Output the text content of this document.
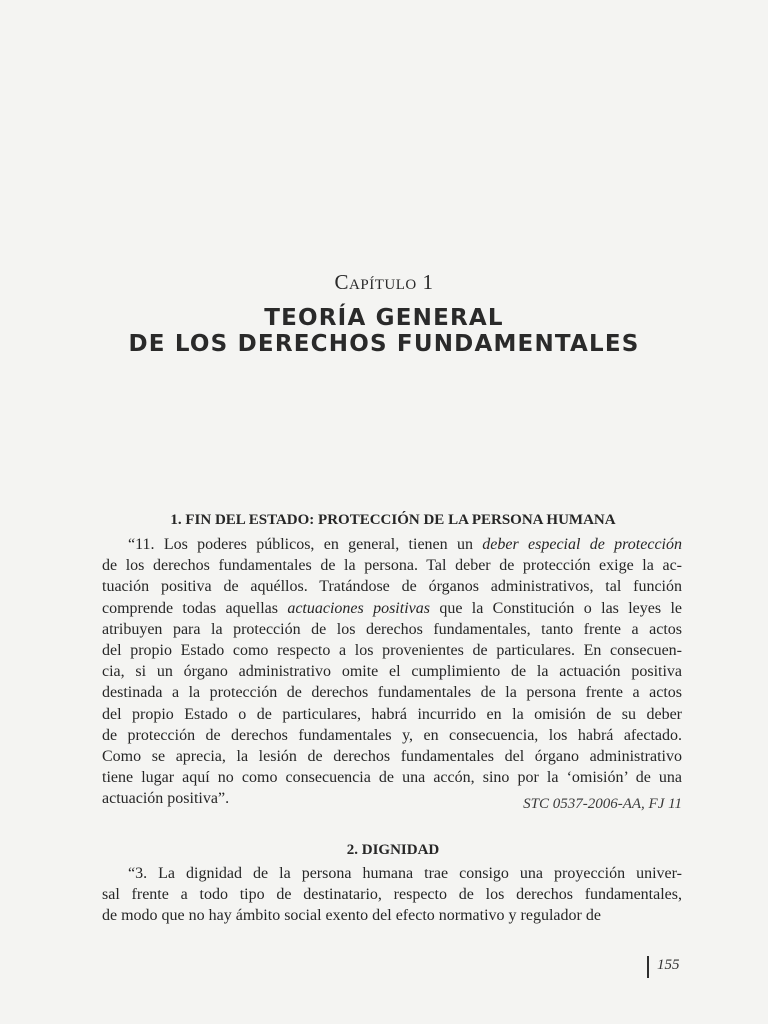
Capítulo 1
TEORÍA GENERAL
DE LOS DERECHOS FUNDAMENTALES
1. FIN DEL ESTADO: PROTECCIÓN DE LA PERSONA HUMANA
“11. Los poderes públicos, en general, tienen un deber especial de protección
de los derechos fundamentales de la persona. Tal deber de protección exige la ac-
tuación positiva de aquéllos. Tratándose de órganos administrativos, tal función
comprende todas aquellas actuaciones positivas que la Constitución o las leyes le
atribuyen para la protección de los derechos fundamentales, tanto frente a actos
del propio Estado como respecto a los provenientes de particulares. En consecuen-
cia, si un órgano administrativo omite el cumplimiento de la actuación positiva
destinada a la protección de derechos fundamentales de la persona frente a actos
del propio Estado o de particulares, habrá incurrido en la omisión de su deber
de protección de derechos fundamentales y, en consecuencia, los habrá afectado.
Como se aprecia, la lesión de derechos fundamentales del órgano administrativo
tiene lugar aquí no como consecuencia de una accón, sino por la ‘omisión’ de una
actuación positiva”.	STC 0537-2006-AA, FJ 11
2. DIGNIDAD
“3. La dignidad de la persona humana trae consigo una proyección univer-
sal frente a todo tipo de destinatario, respecto de los derechos fundamentales,
de modo que no hay ámbito social exento del efecto normativo y regulador de
155
